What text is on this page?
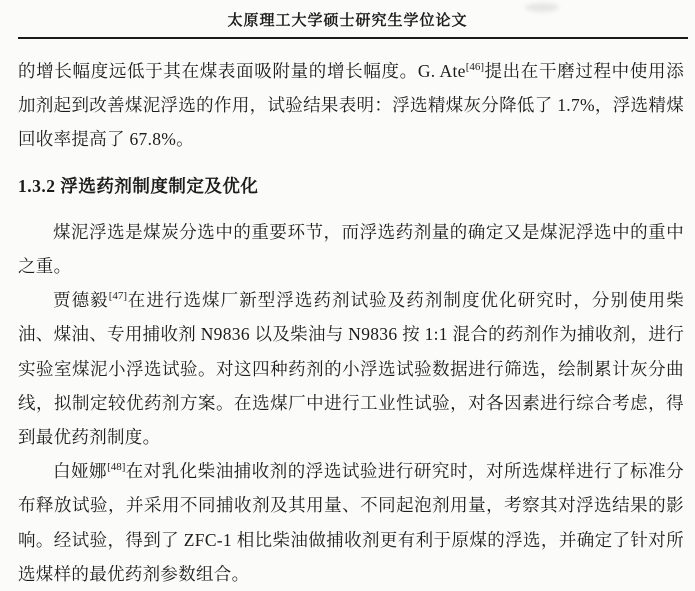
太原理工大学硕士研究生学位论文

的增长幅度远低于其在煤表面吸附量的增长幅度。G. Ate[46]提出在干磨过程中使用添加剂起到改善煤泥浮选的作用，试验结果表明：浮选精煤灰分降低了 1.7%，浮选精煤回收率提高了 67.8%。

1.3.2 浮选药剂制度制定及优化

煤泥浮选是煤炭分选中的重要环节，而浮选药剂量的确定又是煤泥浮选中的重中之重。

贾德毅[47]在进行选煤厂新型浮选药剂试验及药剂制度优化研究时，分别使用柴油、煤油、专用捕收剂 N9836 以及柴油与 N9836 按 1:1 混合的药剂作为捕收剂，进行实验室煤泥小浮选试验。对这四种药剂的小浮选试验数据进行筛选，绘制累计灰分曲线，拟制定较优药剂方案。在选煤厂中进行工业性试验，对各因素进行综合考虑，得到最优药剂制度。

白娅娜[48]在对乳化柴油捕收剂的浮选试验进行研究时，对所选煤样进行了标准分布释放试验，并采用不同捕收剂及其用量、不同起泡剂用量，考察其对浮选结果的影响。经试验，得到了 ZFC-1 相比柴油做捕收剂更有利于原煤的浮选，并确定了针对所选煤样的最优药剂参数组合。
